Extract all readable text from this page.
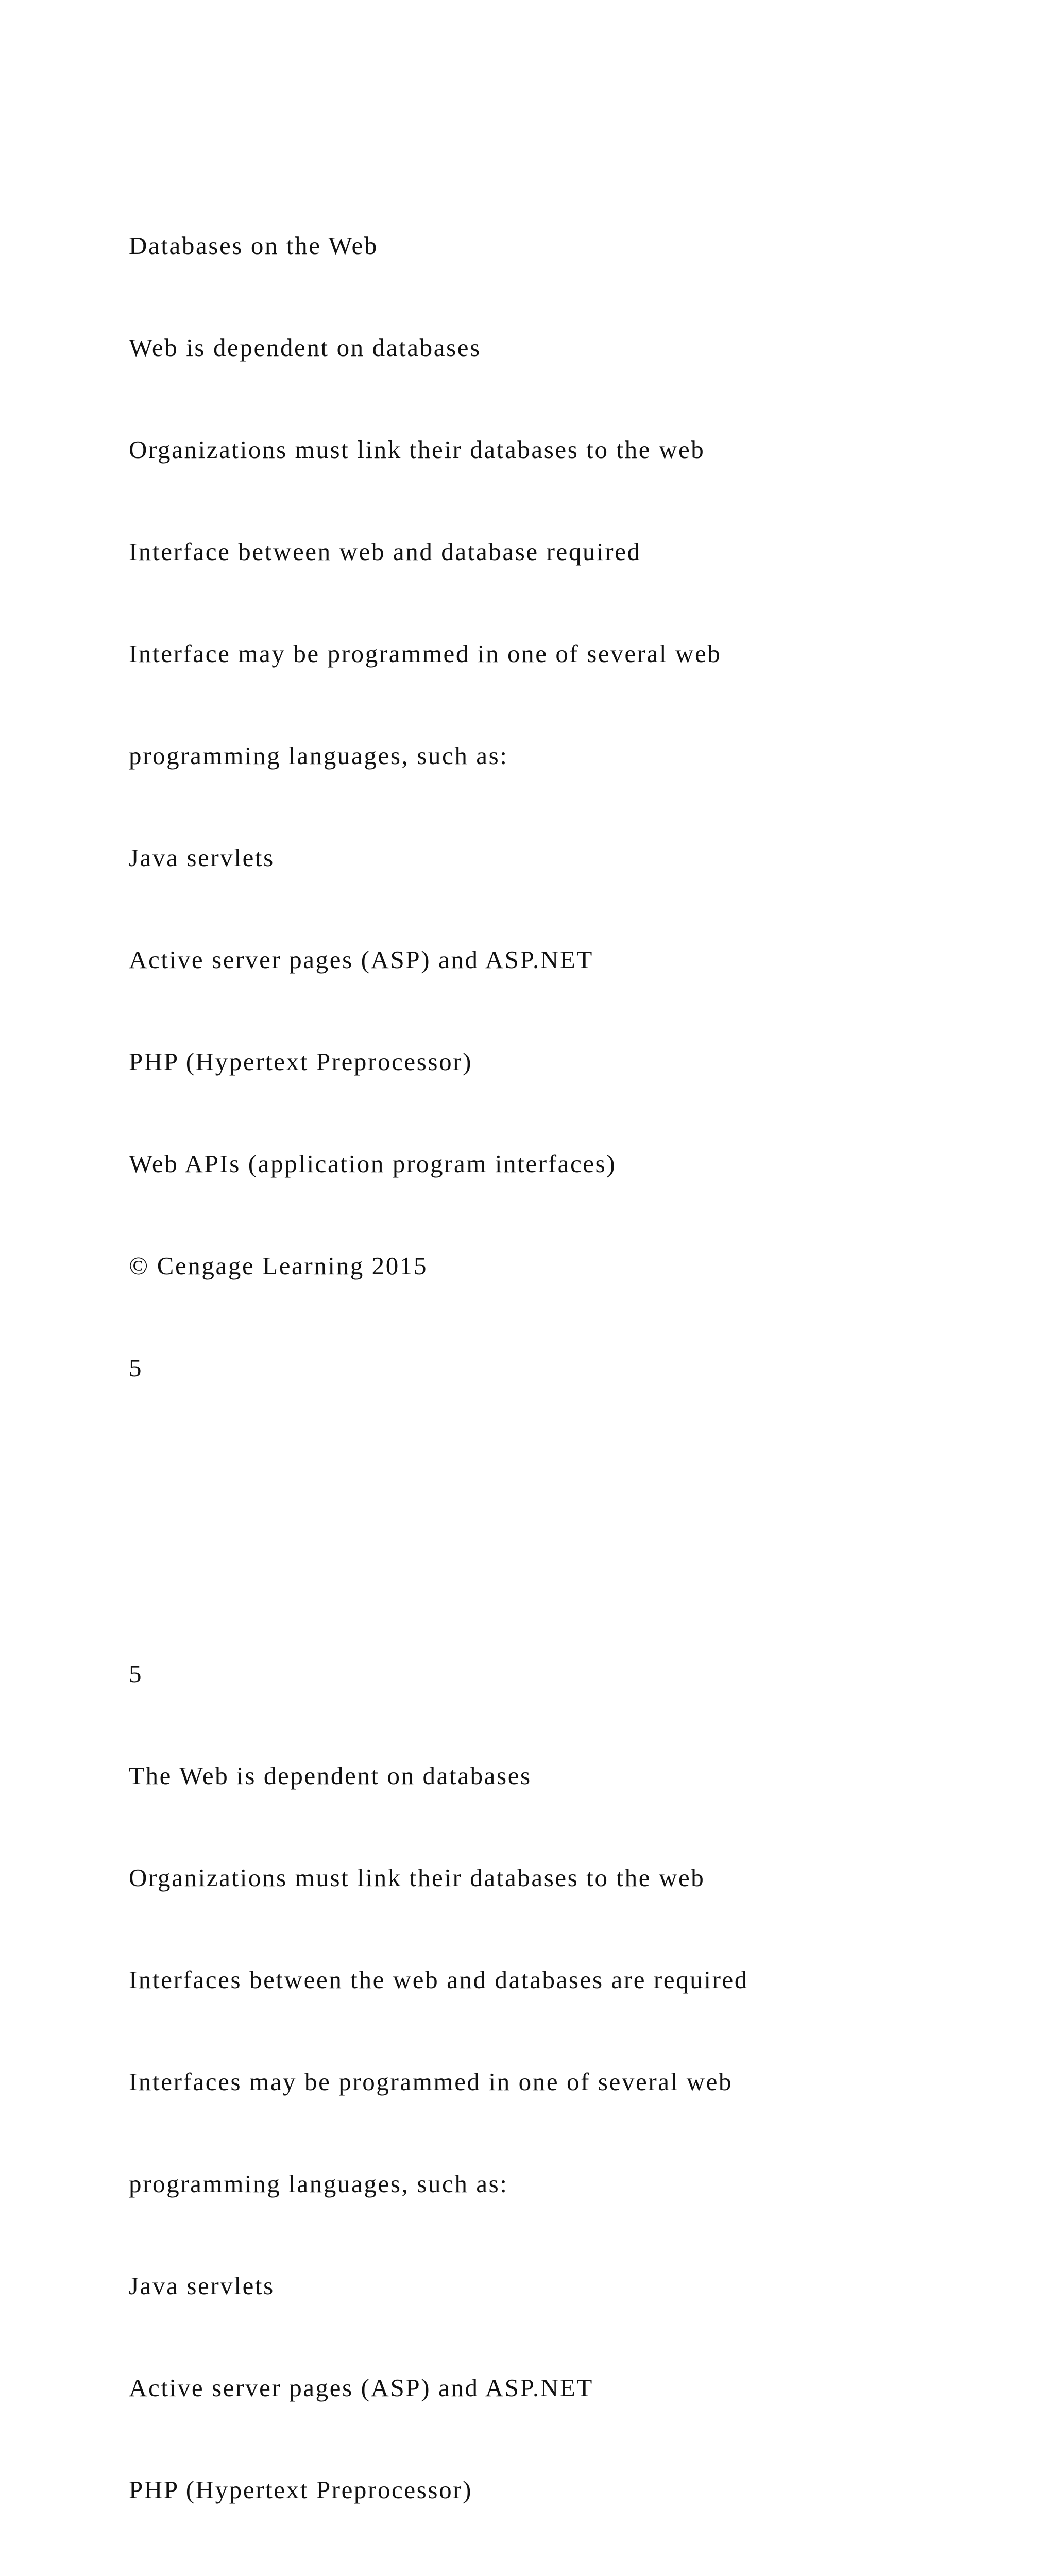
Databases on the Web

Web is dependent on databases

Organizations must link their databases to the web

Interface between web and database required

Interface may be programmed in one of several web

programming languages, such as:

Java servlets

Active server pages (ASP) and ASP.NET

PHP (Hypertext Preprocessor)

Web APIs (application program interfaces)

© Cengage Learning 2015

5

5

The Web is dependent on databases

Organizations must link their databases to the web

Interfaces between the web and databases are required

Interfaces may be programmed in one of several web

programming languages, such as:

Java servlets

Active server pages (ASP) and ASP.NET

PHP (Hypertext Preprocessor)
